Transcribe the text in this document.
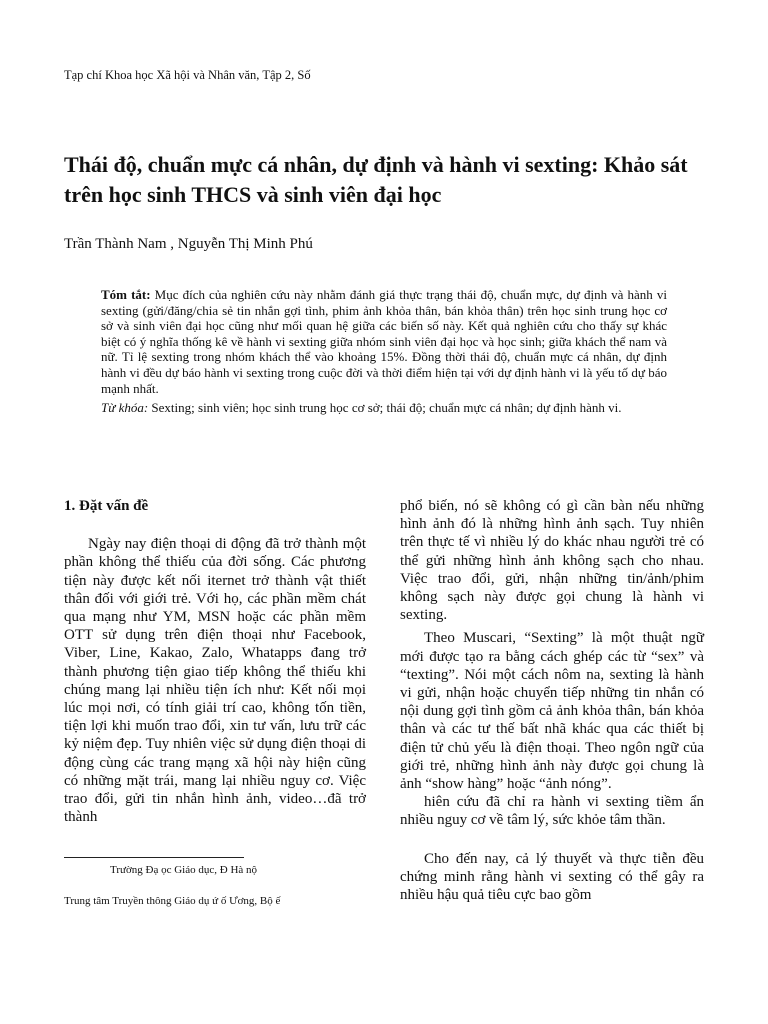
Tạp chí Khoa học Xã hội và Nhân văn, Tập 2, Số
Thái độ, chuẩn mực cá nhân, dự định và hành vi sexting: Khảo sát trên học sinh THCS và sinh viên đại học
Trần Thành Nam , Nguyễn Thị Minh Phú

Tóm tắt: Mục đích của nghiên cứu này nhằm đánh giá thực trạng thái độ, chuẩn mực, dự định và hành vi sexting (gửi/đăng/chia sẻ tin nhắn gợi tình, phim ảnh khỏa thân, bán khỏa thân) trên học sinh trung học cơ sở và sinh viên đại học cũng như mối quan hệ giữa các biến số này. Kết quả nghiên cứu cho thấy sự khác biệt có ý nghĩa thống kê về hành vi sexting giữa nhóm sinh viên đại học và học sinh; giữa khách thể nam và nữ. Tỉ lệ sexting trong nhóm khách thể vào khoảng 15%. Đồng thời thái độ, chuẩn mực cá nhân, dự định hành vi đều dự báo hành vi sexting trong cuộc đời và thời điểm hiện tại với dự định hành vi là yếu tố dự báo mạnh nhất.

Từ khóa: Sexting; sinh viên; học sinh trung học cơ sở; thái độ; chuẩn mực cá nhân; dự định hành vi.

1. Đặt vấn đề

Ngày nay điện thoại di động đã trở thành một phần không thể thiếu của đời sống. Các phương tiện này được kết nối iternet trở thành vật thiết thân đối với giới trẻ. Với họ, các phần mềm chát qua mạng như YM, MSN hoặc các phần mềm OTT sử dụng trên điện thoại như Facebook, Viber, Line, Kakao, Zalo, Whatapps đang trở thành phương tiện giao tiếp không thể thiếu khi chúng mang lại nhiều tiện ích như: Kết nối mọi lúc mọi nơi, có tính giải trí cao, không tốn tiền, tiện lợi khi muốn trao đổi, xin tư vấn, lưu trữ các kỷ niệm đẹp. Tuy nhiên việc sử dụng điện thoại di động cùng các trang mạng xã hội này hiện cũng có những mặt trái, mang lại nhiều nguy cơ. Việc trao đổi, gửi tin nhắn hình ảnh, video…đã trở thành

phổ biến, nó sẽ không có gì cần bàn nếu những hình ảnh đó là những hình ảnh sạch. Tuy nhiên trên thực tế vì nhiều lý do khác nhau người trẻ có thể gửi những hình ảnh không sạch cho nhau. Việc trao đổi, gửi, nhận những tin/ảnh/phim không sạch này được gọi chung là hành vi sexting.

Theo Muscari, “Sexting” là một thuật ngữ mới được tạo ra bằng cách ghép các từ “sex” và “texting”. Nói một cách nôm na, sexting là hành vi gửi, nhận hoặc chuyển tiếp những tin nhắn có nội dung gợi tình gồm cả ảnh khỏa thân, bán khỏa thân và các tư thế bất nhã khác qua các thiết bị điện tử chủ yếu là điện thoại. Theo ngôn ngữ của giới trẻ, những hình ảnh này được gọi chung là ảnh “show hàng” hoặc “ảnh nóng”.

hiên cứu đã chỉ ra hành vi sexting tiềm ẩn nhiều nguy cơ về tâm lý, sức khỏe tâm thần.

Cho đến nay, cả lý thuyết và thực tiễn đều chứng minh rằng hành vi sexting có thể gây ra nhiều hậu quả tiêu cực bao gồm

Trường Đạ ọc Giáo dục, Đ Hà nộ
Trung tâm Truyền thông Giáo dụ ứ ố Ương, Bộ ế
